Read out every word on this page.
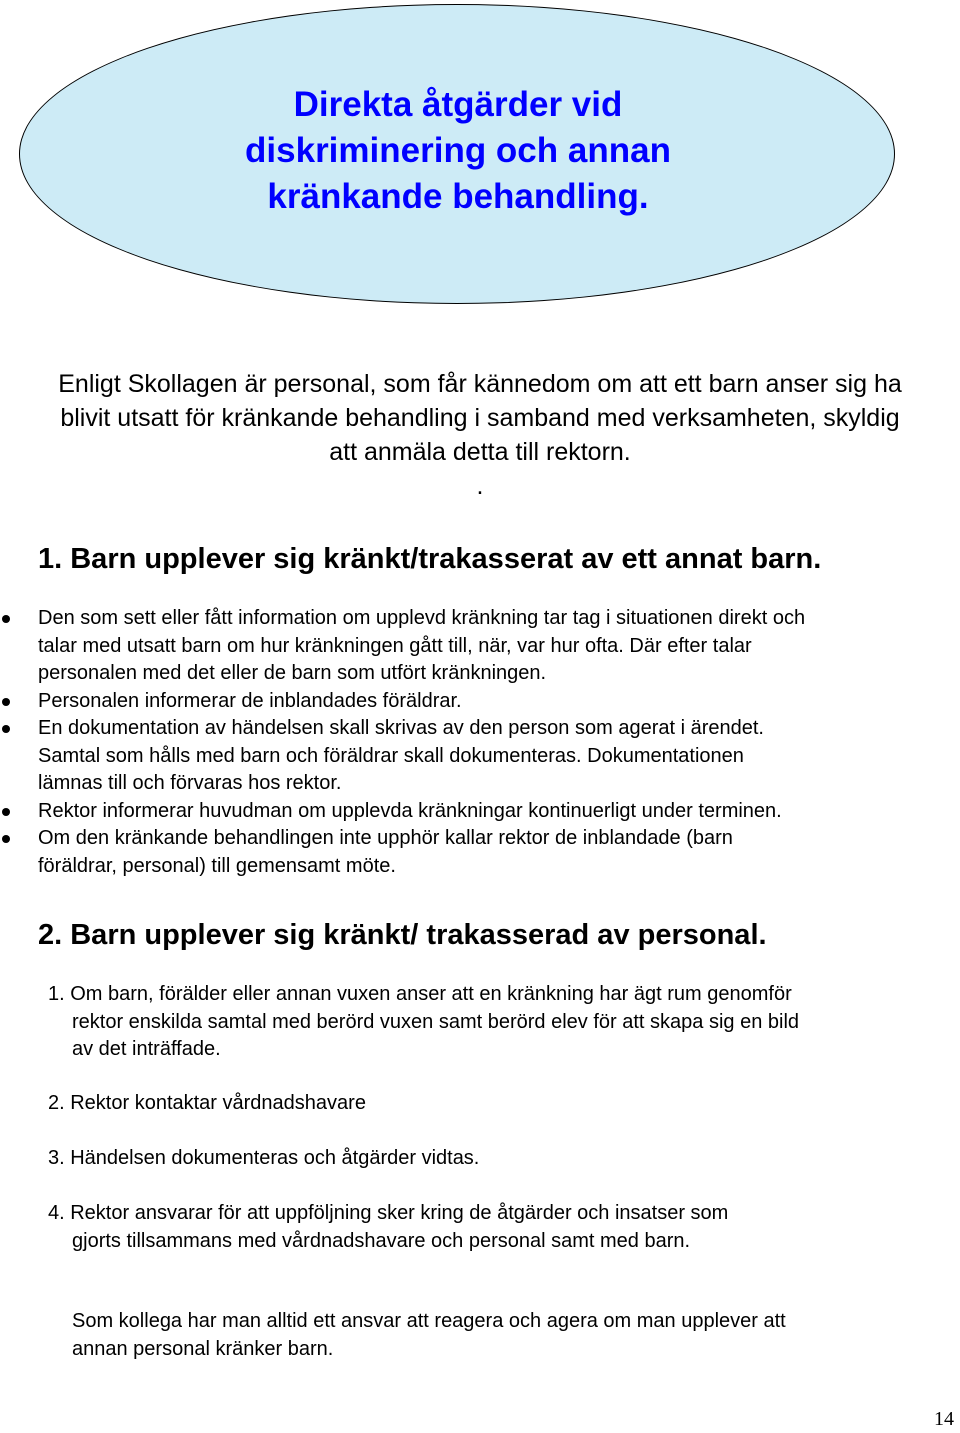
Direkta åtgärder vid
diskriminering och annan
kränkande behandling.

Enligt Skollagen är personal, som får kännedom om att ett barn anser sig ha
blivit utsatt för kränkande behandling i samband med verksamheten, skyldig
att anmäla detta till rektorn.
.

1. Barn upplever sig kränkt/trakasserat av ett annat barn.
Den som sett eller fått information om upplevd kränkning tar tag i situationen direkt och
talar med utsatt barn om hur kränkningen gått till, när, var hur ofta. Där efter talar
personalen med det eller de barn som utfört kränkningen.
Personalen informerar de inblandades föräldrar.
En dokumentation av händelsen skall skrivas av den person som agerat i ärendet.
Samtal som hålls med barn och föräldrar skall dokumenteras. Dokumentationen
lämnas till och förvaras hos rektor.
Rektor informerar huvudman om upplevda kränkningar kontinuerligt under terminen.
Om den kränkande behandlingen inte upphör kallar rektor de inblandade (barn
föräldrar, personal) till gemensamt möte.
2. Barn upplever sig kränkt/ trakasserad av personal.

1. Om barn, förälder eller annan vuxen anser att en kränkning har ägt rum genomför
rektor enskilda samtal med berörd vuxen samt berörd elev för att skapa sig en bild
av det inträffade.

2. Rektor kontaktar vårdnadshavare

3. Händelsen dokumenteras och åtgärder vidtas.

4. Rektor ansvarar för att uppföljning sker kring de åtgärder och insatser som
gjorts tillsammans med vårdnadshavare och personal samt med barn.

Som kollega har man alltid ett ansvar att reagera och agera om man upplever att
annan personal kränker barn.

14
